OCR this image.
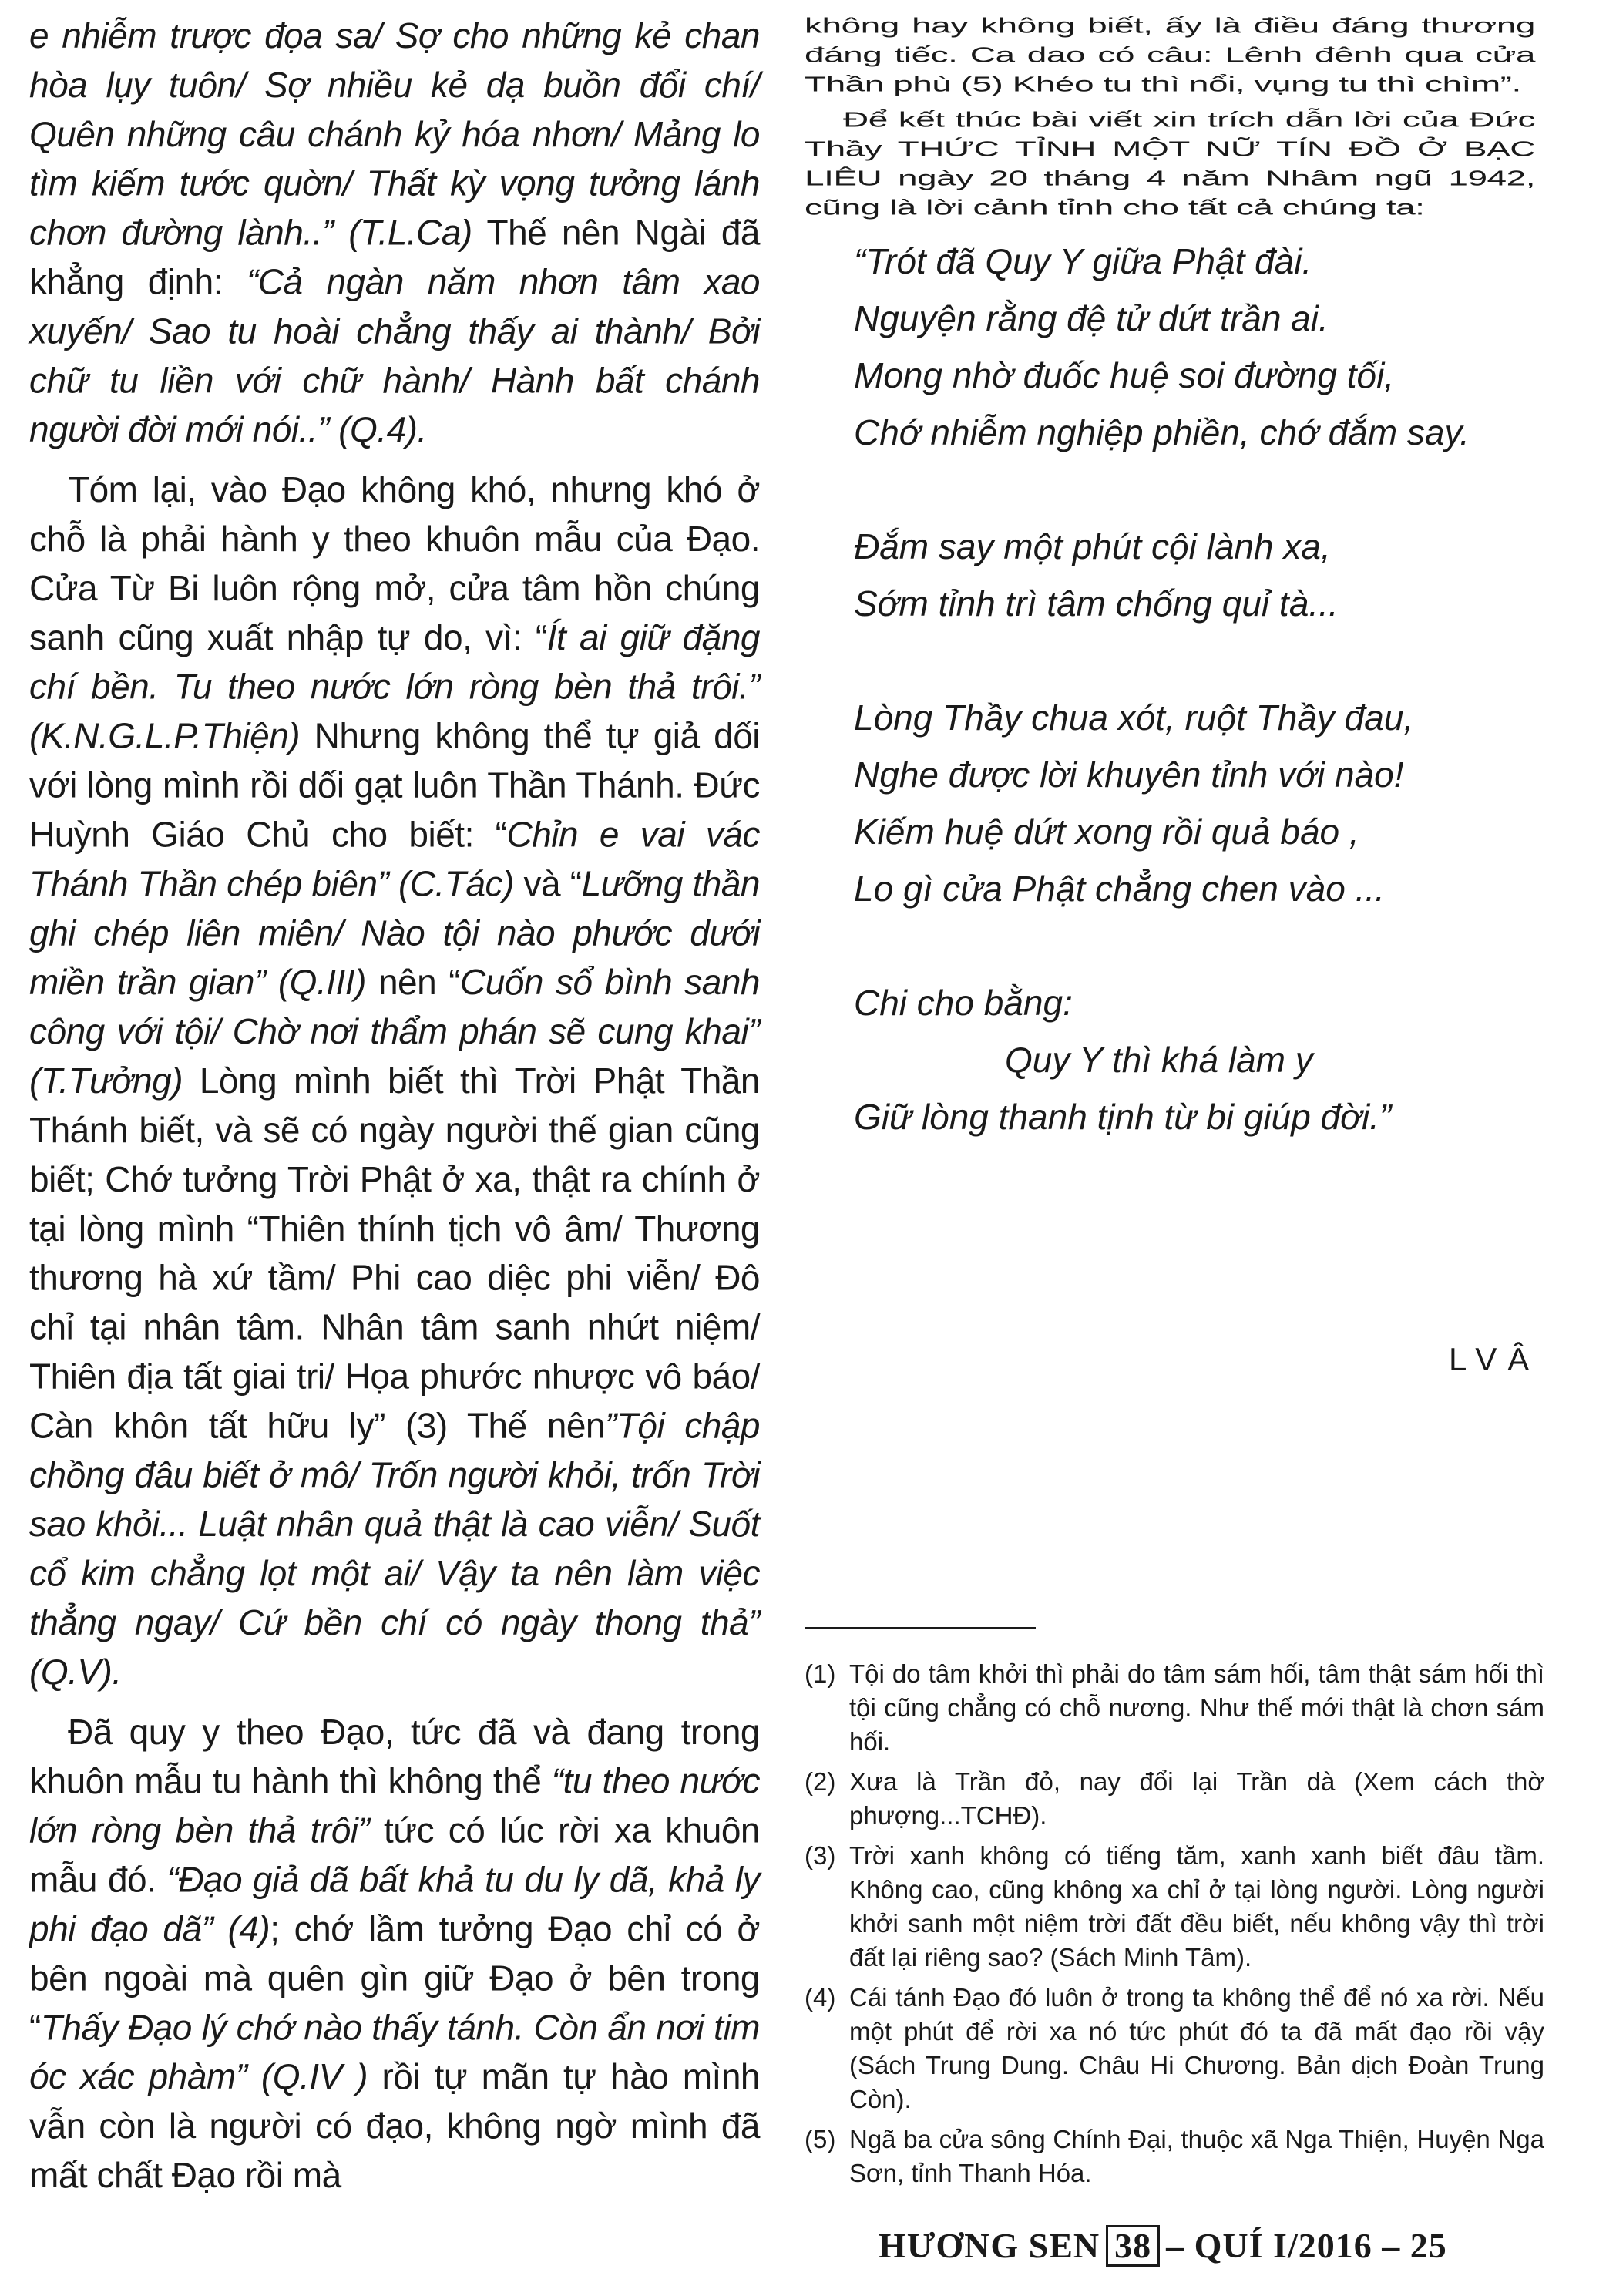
e nhiễm trược đọa sa/ Sợ cho những kẻ chan hòa lụy tuôn/ Sợ nhiều kẻ dạ buồn đổi chí/ Quên những câu chánh kỷ hóa nhơn/ Mảng lo tìm kiếm tước quờn/ Thất kỳ vọng tưởng lánh chơn đường lành..” (T.L.Ca) Thế nên Ngài đã khẳng định: “Cả ngàn năm nhơn tâm xao xuyến/ Sao tu hoài chẳng thấy ai thành/ Bởi chữ tu liền với chữ hành/ Hành bất chánh người đời mới nói..” (Q.4).

Tóm lại, vào Đạo không khó, nhưng khó ở chỗ là phải hành y theo khuôn mẫu của Đạo. Cửa Từ Bi luôn rộng mở, cửa tâm hồn chúng sanh cũng xuất nhập tự do, vì: “Ít ai giữ đặng chí bền. Tu theo nước lớn ròng bèn thả trôi.” (K.N.G.L.P.Thiện) Nhưng không thể tự giả dối với lòng mình rồi dối gạt luôn Thần Thánh. Đức Huỳnh Giáo Chủ cho biết: “Chỉn e vai vác Thánh Thần chép biên” (C.Tác) và “Lưỡng thần ghi chép liên miên/ Nào tội nào phước dưới miền trần gian” (Q.III) nên “Cuốn sổ bình sanh công với tội/ Chờ nơi thẩm phán sẽ cung khai” (T.Tưởng) Lòng mình biết thì Trời Phật Thần Thánh biết, và sẽ có ngày người thế gian cũng biết; Chớ tưởng Trời Phật ở xa, thật ra chính ở tại lòng mình “Thiên thính tịch vô âm/ Thương thương hà xứ tầm/ Phi cao diệc phi viễn/ Đô chỉ tại nhân tâm. Nhân tâm sanh nhứt niệm/ Thiên địa tất giai tri/ Họa phước nhược vô báo/ Càn khôn tất hữu ly” (3) Thế nên”Tội chập chồng đâu biết ở mô/ Trốn người khỏi, trốn Trời sao khỏi... Luật nhân quả thật là cao viễn/ Suốt cổ kim chẳng lọt một ai/ Vậy ta nên làm việc thẳng ngay/ Cứ bền chí có ngày thong thả” (Q.V).

Đã quy y theo Đạo, tức đã và đang trong khuôn mẫu tu hành thì không thể “tu theo nước lớn ròng bèn thả trôi” tức có lúc rời xa khuôn mẫu đó. “Đạo giả dã bất khả tu du ly dã, khả ly phi đạo dã” (4); chớ lầm tưởng Đạo chỉ có ở bên ngoài mà quên gìn giữ Đạo ở bên trong “Thấy Đạo lý chớ nào thấy tánh. Còn ẩn nơi tim óc xác phàm” (Q.IV ) rồi tự mãn tự hào mình vẫn còn là người có đạo, không ngờ mình đã mất chất Đạo rồi mà

không hay không biết, ấy là điều đáng thương đáng tiếc. Ca dao có câu: Lênh đênh qua cửa Thần phù (5) Khéo tu thì nổi, vụng tu thì chìm”.

Để kết thúc bài viết xin trích dẫn lời của Đức Thầy THỨC TỈNH MỘT NỮ TÍN ĐỒ Ở BẠC LIÊU ngày 20 tháng 4 năm Nhâm ngũ 1942, cũng là lời cảnh tỉnh cho tất cả chúng ta:

“Trót đã Quy Y giữa Phật đài.
Nguyện rằng đệ tử dứt trần ai.
Mong nhờ đuốc huệ soi đường tối,
Chớ nhiễm nghiệp phiền, chớ đắm say.
Đắm say một phút cội lành xa,
Sớm tỉnh trì tâm chống quỉ tà...
Lòng Thầy chua xót, ruột Thầy đau,
Nghe được lời khuyên tỉnh với nào!
Kiếm huệ dứt xong rồi quả báo ,
Lo gì cửa Phật chẳng chen vào ...
Chi cho bằng:
Quy Y thì khá làm y
Giữ lòng thanh tịnh từ bi giúp đời.”
LVÂ
(1) Tội do tâm khởi thì phải do tâm sám hối, tâm thật sám hối thì tội cũng chẳng có chỗ nương. Như thế mới thật là chơn sám hối.
(2) Xưa là Trần đỏ, nay đổi lại Trần dà (Xem cách thờ phượng...TCHĐ).
(3) Trời xanh không có tiếng tăm, xanh xanh biết đâu tầm. Không cao, cũng không xa chỉ ở tại lòng người. Lòng người khởi sanh một niệm trời đất đều biết, nếu không vậy thì trời đất lại riêng sao? (Sách Minh Tâm).
(4) Cái tánh Đạo đó luôn ở trong ta không thể để nó xa rời. Nếu một phút để rời xa nó tức phút đó ta đã mất đạo rồi vậy (Sách Trung Dung. Châu Hi Chương. Bản dịch Đoàn Trung Còn).
(5) Ngã ba cửa sông Chính Đại, thuộc xã Nga Thiện, Huyện Nga Sơn, tỉnh Thanh Hóa.
HƯƠNG SEN 38 – QUÍ I/2016 – 25
